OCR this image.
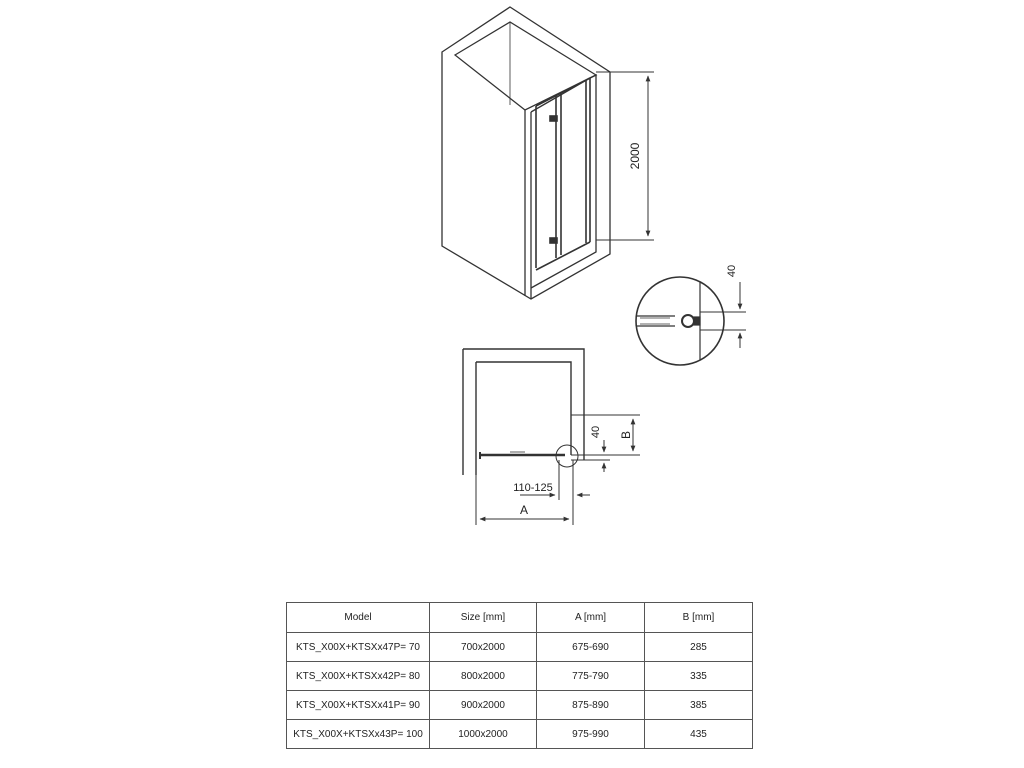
2000
40
40 B
110-125
A
Model	Size [mm]	A [mm]	B [mm]
KTS_X00X+KTSXx47P= 70	700x2000	675-690	285
KTS_X00X+KTSXx42P= 80	800x2000	775-790	335
KTS_X00X+KTSXx41P= 90	900x2000	875-890	385
KTS_X00X+KTSXx43P= 100	1000x2000	975-990	435
